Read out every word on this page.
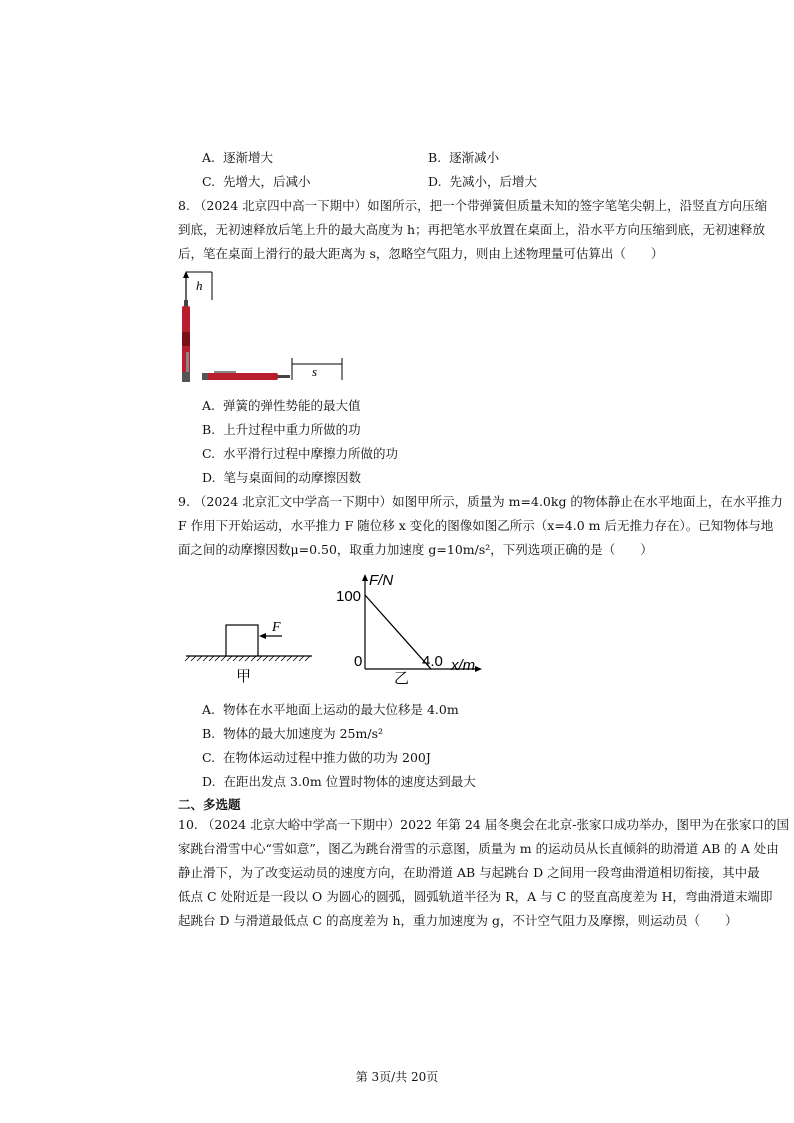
A. 逐渐增大	B. 逐渐减小
C. 先增大，后减小	D. 先减小，后增大
8. （2024 北京四中高一下期中）如图所示，把一个带弹簧但质量未知的签字笔笔尖朝上，沿竖直方向压缩
到底，无初速释放后笔上升的最大高度为 h；再把笔水平放置在桌面上，沿水平方向压缩到底，无初速释放
后，笔在桌面上滑行的最大距离为 s，忽略空气阻力，则由上述物理量可估算出（　　）
h
s
A. 弹簧的弹性势能的最大值
B. 上升过程中重力所做的功
C. 水平滑行过程中摩擦力所做的功
D. 笔与桌面间的动摩擦因数
9. （2024 北京汇文中学高一下期中）如图甲所示，质量为 m=4.0kg 的物体静止在水平地面上，在水平推力
F 作用下开始运动，水平推力 F 随位移 x 变化的图像如图乙所示（x=4.0 m 后无推力存在）。已知物体与地
面之间的动摩擦因数μ=0.50，取重力加速度 g=10m/s²，下列选项正确的是（　　）
F
甲
F/N
100
0	4.0 x/m
乙
A. 物体在水平地面上运动的最大位移是 4.0m
B. 物体的最大加速度为 25m/s²
C. 在物体运动过程中推力做的功为 200J
D. 在距出发点 3.0m 位置时物体的速度达到最大
二、多选题
10. （2024 北京大峪中学高一下期中）2022 年第 24 届冬奥会在北京-张家口成功举办，图甲为在张家口的国
家跳台滑雪中心“雪如意”，图乙为跳台滑雪的示意图，质量为 m 的运动员从长直倾斜的助滑道 AB 的 A 处由
静止滑下，为了改变运动员的速度方向，在助滑道 AB 与起跳台 D 之间用一段弯曲滑道相切衔接，其中最
低点 C 处附近是一段以 O 为圆心的圆弧，圆弧轨道半径为 R，A 与 C 的竖直高度差为 H，弯曲滑道末端即
起跳台 D 与滑道最低点 C 的高度差为 h，重力加速度为 g，不计空气阻力及摩擦，则运动员（　　）
第 3页/共 20页
